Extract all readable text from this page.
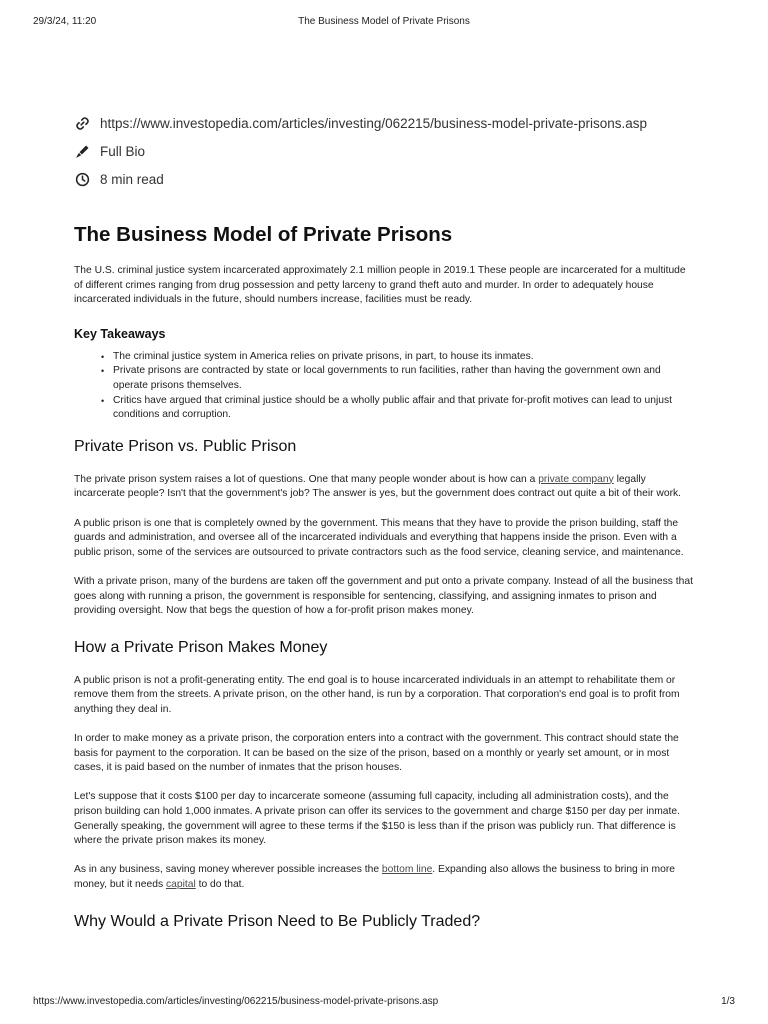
The Business Model of Private Prisons
29/3/24, 11:20
https://www.investopedia.com/articles/investing/062215/business-model-private-prisons.asp
Full Bio
8 min read
The Business Model of Private Prisons

The U.S. criminal justice system incarcerated approximately 2.1 million people in 2019.1 These people are incarcerated for a multitude of different crimes ranging from drug possession and petty larceny to grand theft auto and murder. In order to adequately house incarcerated individuals in the future, should numbers increase, facilities must be ready.

Key Takeaways
• The criminal justice system in America relies on private prisons, in part, to house its inmates.
• Private prisons are contracted by state or local governments to run facilities, rather than having the government own and operate prisons themselves.
• Critics have argued that criminal justice should be a wholly public affair and that private for-profit motives can lead to unjust conditions and corruption.
Private Prison vs. Public Prison

The private prison system raises a lot of questions. One that many people wonder about is how can a private company legally incarcerate people? Isn't that the government's job? The answer is yes, but the government does contract out quite a bit of their work.

A public prison is one that is completely owned by the government. This means that they have to provide the prison building, staff the guards and administration, and oversee all of the incarcerated individuals and everything that happens inside the prison. Even with a public prison, some of the services are outsourced to private contractors such as the food service, cleaning service, and maintenance.

With a private prison, many of the burdens are taken off the government and put onto a private company. Instead of all the business that goes along with running a prison, the government is responsible for sentencing, classifying, and assigning inmates to prison and providing oversight. Now that begs the question of how a for-profit prison makes money.

How a Private Prison Makes Money

A public prison is not a profit-generating entity. The end goal is to house incarcerated individuals in an attempt to rehabilitate them or remove them from the streets. A private prison, on the other hand, is run by a corporation. That corporation's end goal is to profit from anything they deal in.

In order to make money as a private prison, the corporation enters into a contract with the government. This contract should state the basis for payment to the corporation. It can be based on the size of the prison, based on a monthly or yearly set amount, or in most cases, it is paid based on the number of inmates that the prison houses.

Let's suppose that it costs $100 per day to incarcerate someone (assuming full capacity, including all administration costs), and the prison building can hold 1,000 inmates. A private prison can offer its services to the government and charge $150 per day per inmate. Generally speaking, the government will agree to these terms if the $150 is less than if the prison was publicly run. That difference is where the private prison makes its money.

As in any business, saving money wherever possible increases the bottom line. Expanding also allows the business to bring in more money, but it needs capital to do that.

Why Would a Private Prison Need to Be Publicly Traded?
https://www.investopedia.com/articles/investing/062215/business-model-private-prisons.asp	1/3
